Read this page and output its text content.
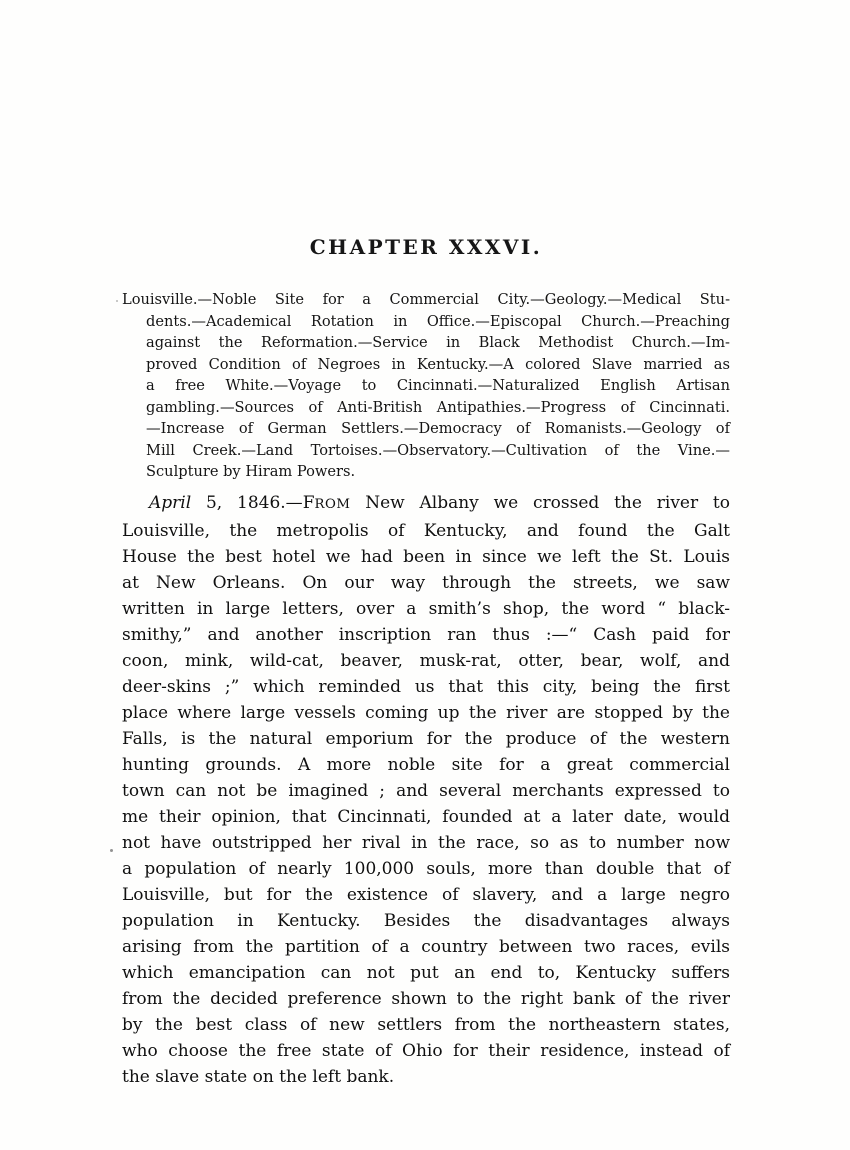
CHAPTER XXXVI.
Louisville.—Noble Site for a Commercial City.—Geology.—Medical Stu-
dents.—Academical Rotation in Office.—Episcopal Church.—Preaching
against the Reformation.—Service in Black Methodist Church.—Im-
proved Condition of Negroes in Kentucky.—A colored Slave married as
a free White.—Voyage to Cincinnati.—Naturalized English Artisan
gambling.—Sources of Anti-British Antipathies.—Progress of Cincinnati.
—Increase of German Settlers.—Democracy of Romanists.—Geology of
Mill Creek.—Land Tortoises.—Observatory.—Cultivation of the Vine.—
Sculpture by Hiram Powers.
April 5, 1846.—FROM New Albany we crossed the river to
Louisville, the metropolis of Kentucky, and found the Galt
House the best hotel we had been in since we left the St. Louis
at New Orleans. On our way through the streets, we saw
written in large letters, over a smith’s shop, the word “ black-
smithy,” and another inscription ran thus :—“ Cash paid for
coon, mink, wild-cat, beaver, musk-rat, otter, bear, wolf, and
deer-skins ;” which reminded us that this city, being the first
place where large vessels coming up the river are stopped by the
Falls, is the natural emporium for the produce of the western
hunting grounds. A more noble site for a great commercial
town can not be imagined ; and several merchants expressed to
me their opinion, that Cincinnati, founded at a later date, would
not have outstripped her rival in the race, so as to number now
a population of nearly 100,000 souls, more than double that of
Louisville, but for the existence of slavery, and a large negro
population in Kentucky. Besides the disadvantages always
arising from the partition of a country between two races, evils
which emancipation can not put an end to, Kentucky suffers
from the decided preference shown to the right bank of the river
by the best class of new settlers from the northeastern states,
who choose the free state of Ohio for their residence, instead of
the slave state on the left bank.
